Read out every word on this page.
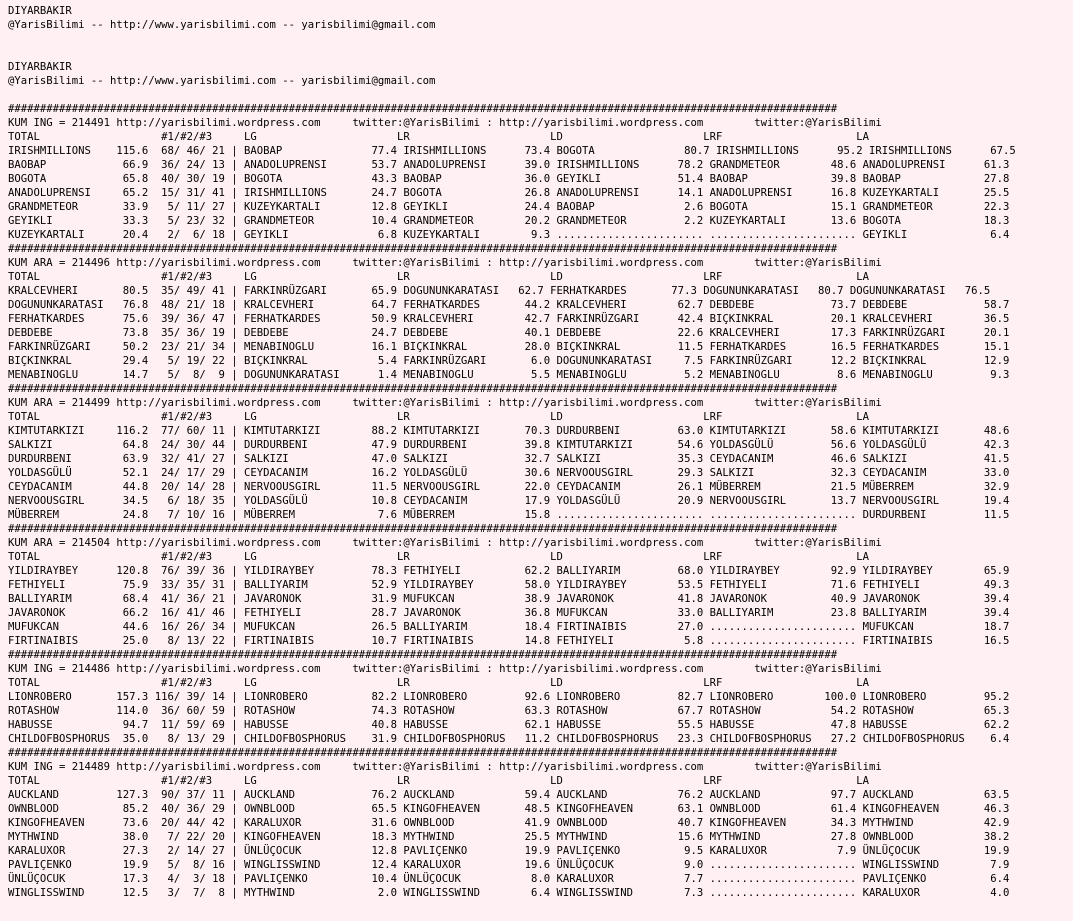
DIYARBAKIR
@YarisBilimi -- http://www.yarisbilimi.com -- yarisbilimi@gmail.com
DIYARBAKIR
@YarisBilimi -- http://www.yarisbilimi.com -- yarisbilimi@gmail.com
##################################################################################################################################
KUM ING = 214491 http://yarisbilimi.wordpress.com     twitter:@YarisBilimi : http://yarisbilimi.wordpress.com        twitter:@YarisBilimi
TOTAL                   #1/#2/#3     LG                      LR                      LD                      LRF                     LA
IRISHMILLIONS    115.6  68/ 46/ 21 | BAOBAP              77.4 IRISHMILLIONS      73.4 BOGOTA              80.7 IRISHMILLIONS      95.2 IRISHMILLIONS      67.5
BAOBAP            66.9  36/ 24/ 13 | ANADOLUPRENSI       53.7 ANADOLUPRENSI      39.0 IRISHMILLIONS      78.2 GRANDMETEOR        48.6 ANADOLUPRENSI      61.3
BOGOTA            65.8  40/ 30/ 19 | BOGOTA              43.3 BAOBAP             36.0 GEYIKLI            51.4 BAOBAP             39.8 BAOBAP             27.8
ANADOLUPRENSI     65.2  15/ 31/ 41 | IRISHMILLIONS       24.7 BOGOTA             26.8 ANADOLUPRENSI      14.1 ANADOLUPRENSI      16.8 KUZEYKARTALI       25.5
GRANDMETEOR       33.9   5/ 11/ 27 | KUZEYKARTALI        12.8 GEYIKLI            24.4 BAOBAP              2.6 BOGOTA             15.1 GRANDMETEOR        22.3
GEYIKLI           33.3   5/ 23/ 32 | GRANDMETEOR         10.4 GRANDMETEOR        20.2 GRANDMETEOR         2.2 KUZEYKARTALI       13.6 BOGOTA             18.3
KUZEYKARTALI      20.4   2/  6/ 18 | GEYIKLI              6.8 KUZEYKARTALI        9.3 ....................... ....................... GEYIKLI             6.4
##################################################################################################################################
KUM ARA = 214496 http://yarisbilimi.wordpress.com     twitter:@YarisBilimi : http://yarisbilimi.wordpress.com        twitter:@YarisBilimi
TOTAL                   #1/#2/#3     LG                      LR                      LD                      LRF                     LA
KRALCEVHERI       80.5  35/ 49/ 41 | FARKINRÜZGARI       65.9 DOGUNUNKARATASI   62.7 FERHATKARDES       77.3 DOGUNUNKARATASI   80.7 DOGUNUNKARATASI   76.5
DOGUNUNKARATASI   76.8  48/ 21/ 18 | KRALCEVHERI         64.7 FERHATKARDES       44.2 KRALCEVHERI        62.7 DEBDEBE            73.7 DEBDEBE            58.7
FERHATKARDES      75.6  39/ 36/ 47 | FERHATKARDES        50.9 KRALCEVHERI        42.7 FARKINRÜZGARI      42.4 BIÇKINKRAL         20.1 KRALCEVHERI        36.5
DEBDEBE           73.8  35/ 36/ 19 | DEBDEBE             24.7 DEBDEBE            40.1 DEBDEBE            22.6 KRALCEVHERI        17.3 FARKINRÜZGARI      20.1
FARKINRÜZGARI     50.2  23/ 21/ 34 | MENABINOGLU         16.1 BIÇKINKRAL         28.0 BIÇKINKRAL         11.5 FERHATKARDES       16.5 FERHATKARDES       15.1
BIÇKINKRAL        29.4   5/ 19/ 22 | BIÇKINKRAL           5.4 FARKINRÜZGARI       6.0 DOGUNUNKARATASI     7.5 FARKINRÜZGARI      12.2 BIÇKINKRAL         12.9
MENABINOGLU       14.7   5/  8/  9 | DOGUNUNKARATASI      1.4 MENABINOGLU         5.5 MENABINOGLU         5.2 MENABINOGLU         8.6 MENABINOGLU         9.3
##################################################################################################################################
KUM ARA = 214499 http://yarisbilimi.wordpress.com     twitter:@YarisBilimi : http://yarisbilimi.wordpress.com        twitter:@YarisBilimi
TOTAL                   #1/#2/#3     LG                      LR                      LD                      LRF                     LA
KIMTUTARKIZI     116.2  77/ 60/ 11 | KIMTUTARKIZI        88.2 KIMTUTARKIZI       70.3 DURDURBENI         63.0 KIMTUTARKIZI       58.6 KIMTUTARKIZI       48.6
SALKIZI           64.8  24/ 30/ 44 | DURDURBENI          47.9 DURDURBENI         39.8 KIMTUTARKIZI       54.6 YOLDASGÜLÜ         56.6 YOLDASGÜLÜ         42.3
DURDURBENI        63.9  32/ 41/ 27 | SALKIZI             47.0 SALKIZI            32.7 SALKIZI            35.3 CEYDACANIM         46.6 SALKIZI            41.5
YOLDASGÜLÜ        52.1  24/ 17/ 29 | CEYDACANIM          16.2 YOLDASGÜLÜ         30.6 NERVOOUSGIRL       29.3 SALKIZI            32.3 CEYDACANIM         33.0
CEYDACANIM        44.8  20/ 14/ 28 | NERVOOUSGIRL        11.5 NERVOOUSGIRL       22.0 CEYDACANIM         26.1 MÜBERREM           21.5 MÜBERREM           32.9
NERVOOUSGIRL      34.5   6/ 18/ 35 | YOLDASGÜLÜ          10.8 CEYDACANIM         17.9 YOLDASGÜLÜ         20.9 NERVOOUSGIRL       13.7 NERVOOUSGIRL       19.4
MÜBERREM          24.8   7/ 10/ 16 | MÜBERREM             7.6 MÜBERREM           15.8 ....................... ....................... DURDURBENI         11.5
##################################################################################################################################
KUM ARA = 214504 http://yarisbilimi.wordpress.com     twitter:@YarisBilimi : http://yarisbilimi.wordpress.com        twitter:@YarisBilimi
TOTAL                   #1/#2/#3     LG                      LR                      LD                      LRF                     LA
YILDIRAYBEY      120.8  76/ 39/ 36 | YILDIRAYBEY         78.3 FETHIYELI          62.2 BALLIYARIM         68.0 YILDIRAYBEY        92.9 YILDIRAYBEY        65.9
FETHIYELI         75.9  33/ 35/ 31 | BALLIYARIM          52.9 YILDIRAYBEY        58.0 YILDIRAYBEY        53.5 FETHIYELI          71.6 FETHIYELI          49.3
BALLIYARIM        68.4  41/ 36/ 21 | JAVARONOK           31.9 MUFUKCAN           38.9 JAVARONOK          41.8 JAVARONOK          40.9 JAVARONOK          39.4
JAVARONOK         66.2  16/ 41/ 46 | FETHIYELI           28.7 JAVARONOK          36.8 MUFUKCAN           33.0 BALLIYARIM         23.8 BALLIYARIM         39.4
MUFUKCAN          44.6  16/ 26/ 34 | MUFUKCAN            26.5 BALLIYARIM         18.4 FIRTINAIBIS        27.0 ....................... MUFUKCAN           18.7
FIRTINAIBIS       25.0   8/ 13/ 22 | FIRTINAIBIS         10.7 FIRTINAIBIS        14.8 FETHIYELI           5.8 ....................... FIRTINAIBIS        16.5
##################################################################################################################################
KUM ING = 214486 http://yarisbilimi.wordpress.com     twitter:@YarisBilimi : http://yarisbilimi.wordpress.com        twitter:@YarisBilimi
TOTAL                   #1/#2/#3     LG                      LR                      LD                      LRF                     LA
LIONROBERO       157.3 116/ 39/ 14 | LIONROBERO          82.2 LIONROBERO         92.6 LIONROBERO         82.7 LIONROBERO        100.0 LIONROBERO         95.2
ROTASHOW         114.0  36/ 60/ 59 | ROTASHOW            74.3 ROTASHOW           63.3 ROTASHOW           67.7 ROTASHOW           54.2 ROTASHOW           65.3
HABUSSE           94.7  11/ 59/ 69 | HABUSSE             40.8 HABUSSE            62.1 HABUSSE            55.5 HABUSSE            47.8 HABUSSE            62.2
CHILDOFBOSPHORUS  35.0   8/ 13/ 29 | CHILDOFBOSPHORUS    31.9 CHILDOFBOSPHORUS   11.2 CHILDOFBOSPHORUS   23.3 CHILDOFBOSPHORUS   27.2 CHILDOFBOSPHORUS    6.4
##################################################################################################################################
KUM ING = 214489 http://yarisbilimi.wordpress.com     twitter:@YarisBilimi : http://yarisbilimi.wordpress.com        twitter:@YarisBilimi
TOTAL                   #1/#2/#3     LG                      LR                      LD                      LRF                     LA
AUCKLAND         127.3  90/ 37/ 11 | AUCKLAND            76.2 AUCKLAND           59.4 AUCKLAND           76.2 AUCKLAND           97.7 AUCKLAND           63.5
OWNBLOOD          85.2  40/ 36/ 29 | OWNBLOOD            65.5 KINGOFHEAVEN       48.5 KINGOFHEAVEN       63.1 OWNBLOOD           61.4 KINGOFHEAVEN       46.3
KINGOFHEAVEN      73.6  20/ 44/ 42 | KARALUXOR           31.6 OWNBLOOD           41.9 OWNBLOOD           40.7 KINGOFHEAVEN       34.3 MYTHWIND           42.9
MYTHWIND          38.0   7/ 22/ 20 | KINGOFHEAVEN        18.3 MYTHWIND           25.5 MYTHWIND           15.6 MYTHWIND           27.8 OWNBLOOD           38.2
KARALUXOR         27.3   2/ 14/ 27 | ÜNLÜÇOCUK           12.8 PAVLIÇENKO         19.9 PAVLIÇENKO          9.5 KARALUXOR           7.9 ÜNLÜÇOCUK          19.9
PAVLIÇENKO        19.9   5/  8/ 16 | WINGLISSWIND        12.4 KARALUXOR          19.6 ÜNLÜÇOCUK           9.0 ....................... WINGLISSWIND        7.9
ÜNLÜÇOCUK         17.3   4/  3/ 18 | PAVLIÇENKO          10.4 ÜNLÜÇOCUK           8.0 KARALUXOR           7.7 ....................... PAVLIÇENKO          6.4
WINGLISSWIND      12.5   3/  7/  8 | MYTHWIND             2.0 WINGLISSWIND        6.4 WINGLISSWIND        7.3 ....................... KARALUXOR           4.0
